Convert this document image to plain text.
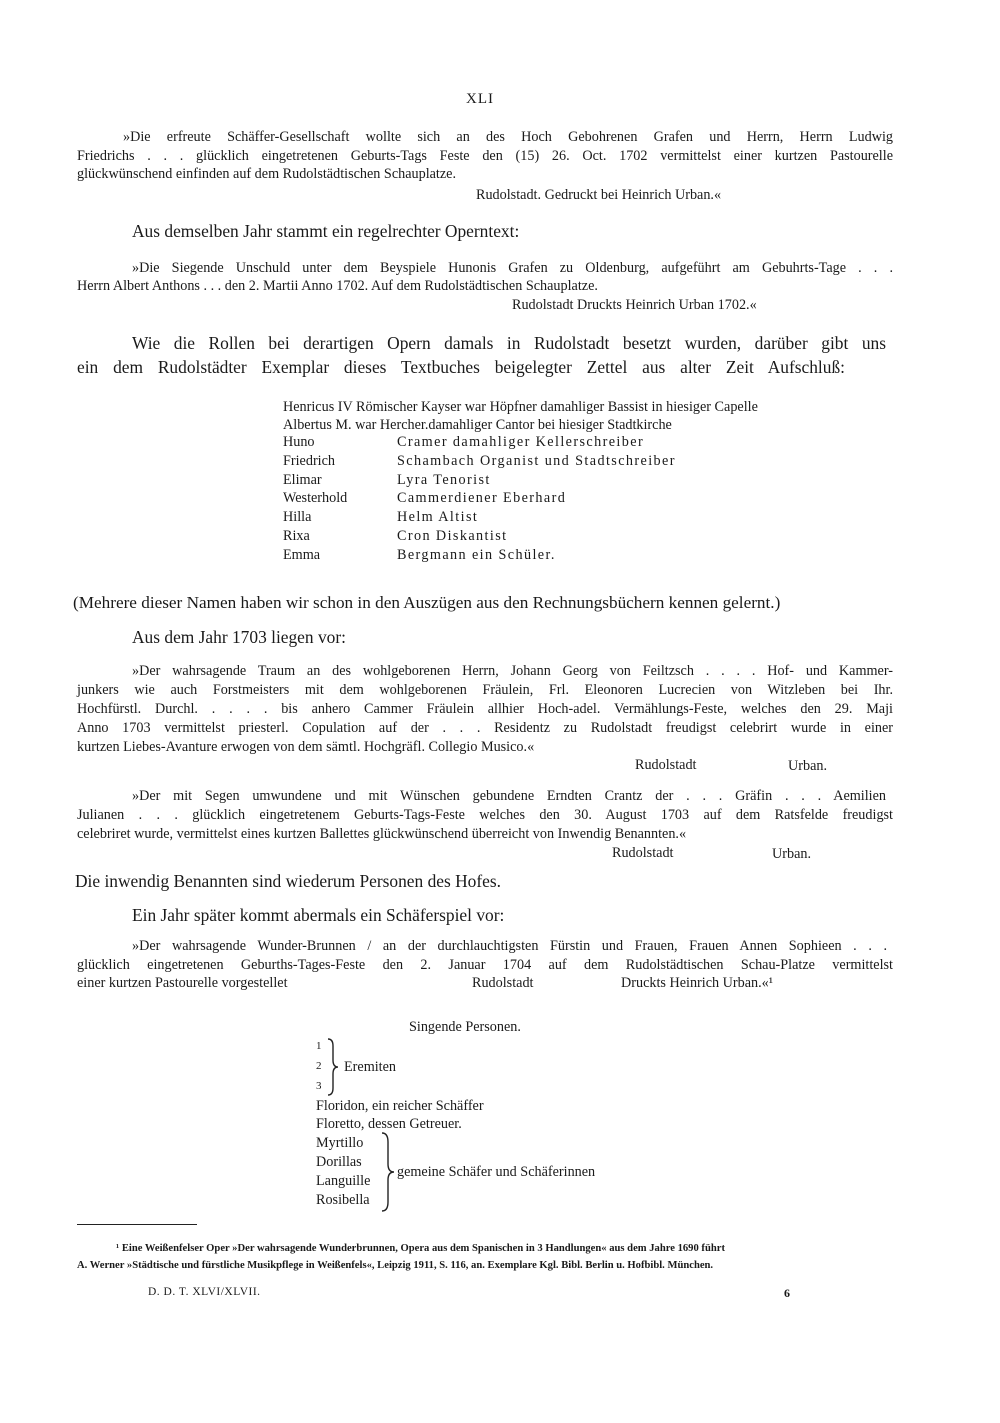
XLI
»Die erfreute Schäffer-Gesellschaft wollte sich an des Hoch Gebohrenen Grafen und Herrn, Herrn Ludwig
Friedrichs . . . glücklich eingetretenen Geburts-Tags Feste den (15) 26. Oct. 1702 vermittelst einer kurtzen Pastourelle
glückwünschend einfinden auf dem Rudolstädtischen Schauplatze.
Rudolstadt. Gedruckt bei Heinrich Urban.«
Aus demselben Jahr stammt ein regelrechter Operntext:
»Die Siegende Unschuld unter dem Beyspiele Hunonis Grafen zu Oldenburg, aufgeführt am Gebuhrts-Tage . . .
Herrn Albert Anthons . . . den 2. Martii Anno 1702. Auf dem Rudolstädtischen Schauplatze.
Rudolstadt Druckts Heinrich Urban 1702.«
Wie die Rollen bei derartigen Opern damals in Rudolstadt besetzt wurden, darüber gibt uns
ein dem Rudolstädter Exemplar dieses Textbuches beigelegter Zettel aus alter Zeit Aufschluß:
Henricus IV Römischer Kayser war Höpfner damahliger Bassist in hiesiger Capelle
Albertus M. war Hercher.damahliger Cantor bei hiesiger Stadtkirche
Huno	Cramer damahliger Kellerschreiber
Friedrich	Schambach Organist und Stadtschreiber
Elimar	Lyra Tenorist
Westerhold	Cammerdiener Eberhard
Hilla	Helm Altist
Rixa	Cron Diskantist
Emma	Bergmann ein Schüler.
(Mehrere dieser Namen haben wir schon in den Auszügen aus den Rechnungsbüchern kennen gelernt.)
Aus dem Jahr 1703 liegen vor:
»Der wahrsagende Traum an des wohlgeborenen Herrn, Johann Georg von Feiltzsch . . . . Hof- und Kammer-
junkers wie auch Forstmeisters mit dem wohlgeborenen Fräulein, Frl. Eleonoren Lucrecien von Witzleben bei Ihr.
Hochfürstl. Durchl. . . . . bis anhero Cammer Fräulein allhier Hoch-adel. Vermählungs-Feste, welches den 29. Maji
Anno 1703 vermittelst priesterl. Copulation auf der . . . Residentz zu Rudolstadt freudigst celebrirt wurde in einer
kurtzen Liebes-Avanture erwogen von dem sämtl. Hochgräfl. Collegio Musico.«
Rudolstadt	Urban.
»Der mit Segen umwundene und mit Wünschen gebundene Erndten Crantz der . . . Gräfin . . . Aemilien
Julianen . . . glücklich eingetretenem Geburts-Tags-Feste welches den 30. August 1703 auf dem Ratsfelde freudigst
celebriret wurde, vermittelst eines kurtzen Ballettes glückwünschend überreicht von Inwendig Benannten.«
Rudolstadt	Urban.
Die inwendig Benannten sind wiederum Personen des Hofes.
Ein Jahr später kommt abermals ein Schäferspiel vor:
»Der wahrsagende Wunder-Brunnen / an der durchlauchtigsten Fürstin und Frauen, Frauen Annen Sophieen . . .
glücklich eingetretenen Geburths-Tages-Feste den 2. Januar 1704 auf dem Rudolstädtischen Schau-Platze vermittelst
einer kurtzen Pastourelle vorgestellet	Rudolstadt	Druckts Heinrich Urban.«¹
Singende Personen.
1
2
3
Eremiten
Floridon, ein reicher Schäffer
Floretto, dessen Getreuer.
Myrtillo
Dorillas
Languille
Rosibella
gemeine Schäfer und Schäferinnen
¹ Eine Weißenfelser Oper »Der wahrsagende Wunderbrunnen, Opera aus dem Spanischen in 3 Handlungen« aus dem Jahre 1690 führt
A. Werner »Städtische und fürstliche Musikpflege in Weißenfels«, Leipzig 1911, S. 116, an. Exemplare Kgl. Bibl. Berlin u. Hofbibl. München.
D. D. T. XLVI/XLVII.	6
